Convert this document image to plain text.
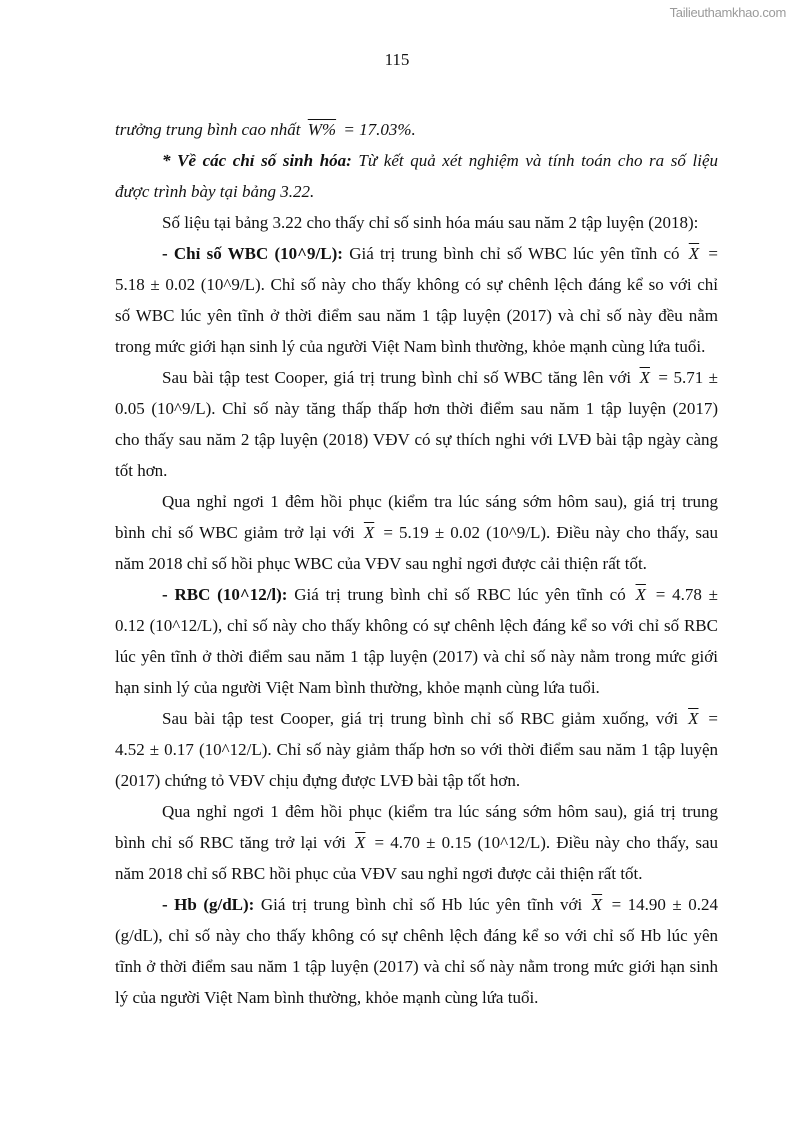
Tailieuthamkhao.com
115
trưởng trung bình cao nhất W% = 17.03%.
* Về các chỉ số sinh hóa: Từ kết quả xét nghiệm và tính toán cho ra số liệu
được trình bày tại bảng 3.22.
Số liệu tại bảng 3.22 cho thấy chỉ số sinh hóa máu sau năm 2 tập luyện (2018):
- Chỉ số WBC (10^9/L): Giá trị trung bình chỉ số WBC lúc yên tĩnh có $\overline{X}$ =
5.18 ± 0.02 (10^9/L). Chỉ số này cho thấy không có sự chênh lệch đáng kể so với chỉ
số WBC lúc yên tĩnh ở thời điểm sau năm 1 tập luyện (2017) và chỉ số này đều nằm
trong mức giới hạn sinh lý của người Việt Nam bình thường, khỏe mạnh cùng lứa tuổi.
Sau bài tập test Cooper, giá trị trung bình chỉ số WBC tăng lên với $\overline{X} = 5.71$ ±
0.05 (10^9/L). Chỉ số này tăng thấp thấp hơn thời điểm sau năm 1 tập luyện (2017)
cho thấy sau năm 2 tập luyện (2018) VĐV có sự thích nghi với LVĐ bài tập ngày càng
tốt hơn.
Qua nghỉ ngơi 1 đêm hồi phục (kiểm tra lúc sáng sớm hôm sau), giá trị trung
bình chỉ số WBC giảm trở lại với $\overline{X} = 5.19 \pm 0.02$ (10^9/L). Điều này cho thấy, sau
năm 2018 chỉ số hồi phục WBC của VĐV sau nghỉ ngơi được cải thiện rất tốt.
- RBC (10^12/l): Giá trị trung bình chỉ số RBC lúc yên tĩnh có $\overline{X} = 4.78$ ±
0.12 (10^12/L), chỉ số này cho thấy không có sự chênh lệch đáng kể so với chỉ số RBC
lúc yên tĩnh ở thời điểm sau năm 1 tập luyện (2017) và chỉ số này nằm trong mức giới
hạn sinh lý của người Việt Nam bình thường, khỏe mạnh cùng lứa tuổi.
Sau bài tập test Cooper, giá trị trung bình chỉ số RBC giảm xuống, với $\overline{X}$ =
4.52 ± 0.17 (10^12/L). Chỉ số này giảm thấp hơn so với thời điểm sau năm 1 tập luyện
(2017) chứng tỏ VĐV chịu đựng được LVĐ bài tập tốt hơn.
Qua nghỉ ngơi 1 đêm hồi phục (kiểm tra lúc sáng sớm hôm sau), giá trị trung
bình chỉ số RBC tăng trở lại với $\overline{X} = 4.70 \pm 0.15$ (10^12/L). Điều này cho thấy, sau
năm 2018 chỉ số RBC hồi phục của VĐV sau nghỉ ngơi được cải thiện rất tốt.
- Hb (g/dL): Giá trị trung bình chỉ số Hb lúc yên tĩnh với $\overline{X} = 14.90 \pm 0.24$
(g/dL), chỉ số này cho thấy không có sự chênh lệch đáng kể so với chỉ số Hb lúc yên
tĩnh ở thời điểm sau năm 1 tập luyện (2017) và chỉ số này nằm trong mức giới hạn sinh
lý của người Việt Nam bình thường, khỏe mạnh cùng lứa tuổi.
